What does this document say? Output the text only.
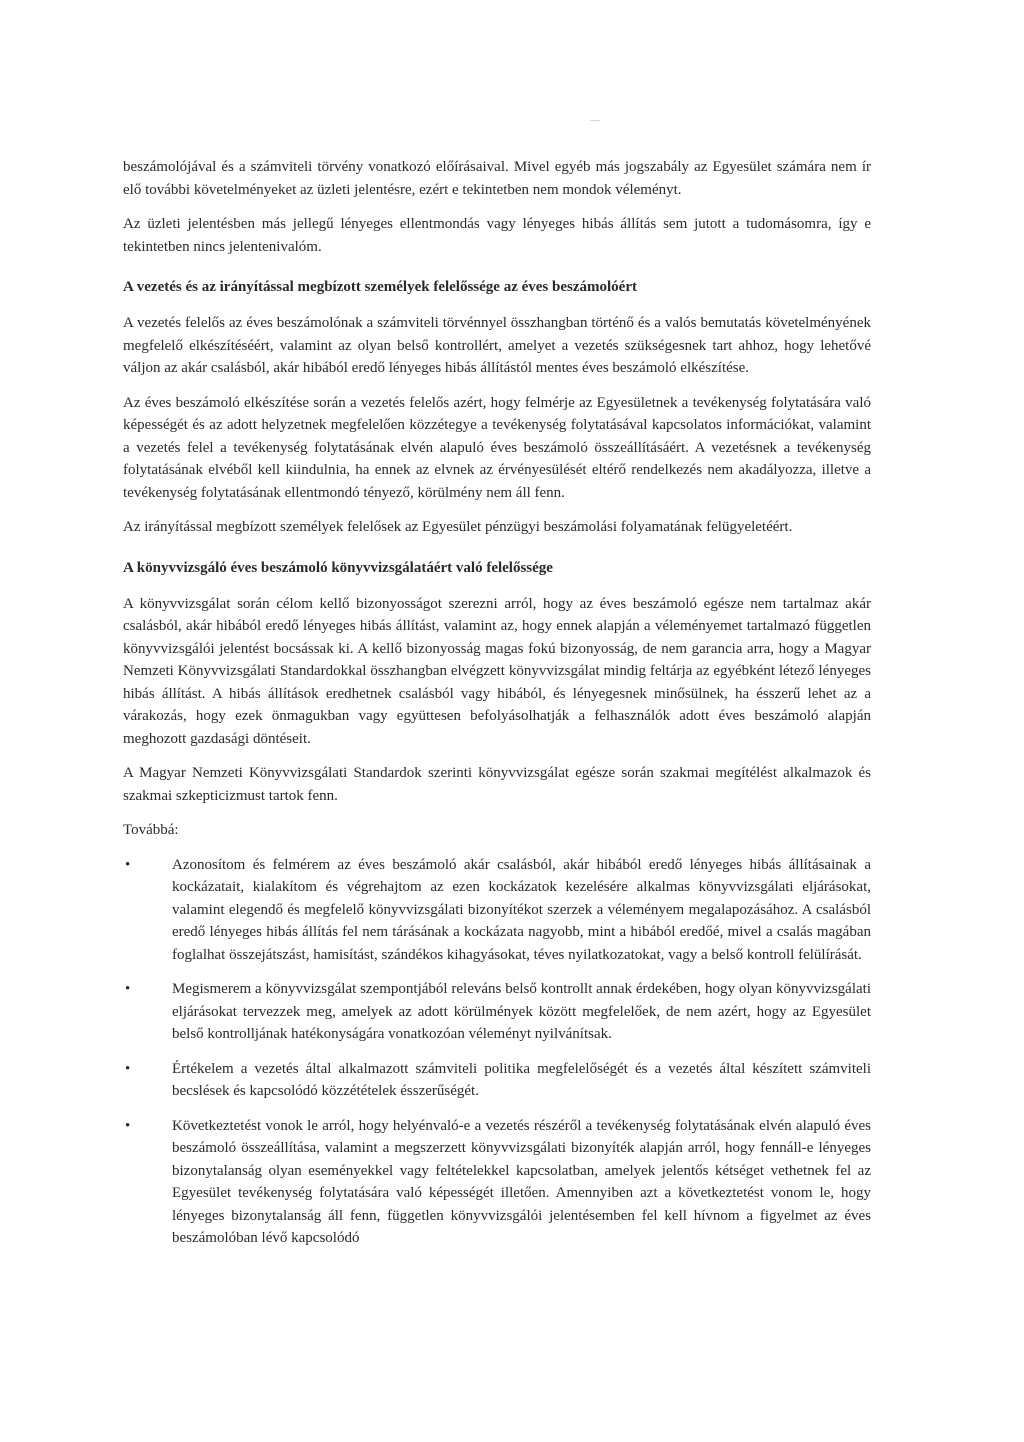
beszámolójával és a számviteli törvény vonatkozó előírásaival. Mivel egyéb más jogszabály az Egyesület számára nem ír elő további követelményeket az üzleti jelentésre, ezért e tekintetben nem mondok véleményt.

Az üzleti jelentésben más jellegű lényeges ellentmondás vagy lényeges hibás állítás sem jutott a tudomásomra, így e tekintetben nincs jelentenivalóm.

A vezetés és az irányítással megbízott személyek felelőssége az éves beszámolóért

A vezetés felelős az éves beszámolónak a számviteli törvénnyel összhangban történő és a valós bemutatás követelményének megfelelő elkészítéséért, valamint az olyan belső kontrollért, amelyet a vezetés szükségesnek tart ahhoz, hogy lehetővé váljon az akár csalásból, akár hibából eredő lényeges hibás állítástól mentes éves beszámoló elkészítése.

Az éves beszámoló elkészítése során a vezetés felelős azért, hogy felmérje az Egyesületnek a tevékenység folytatására való képességét és az adott helyzetnek megfelelően közzétegye a tevékenység folytatásával kapcsolatos információkat, valamint a vezetés felel a tevékenység folytatásának elvén alapuló éves beszámoló összeállításáért. A vezetésnek a tevékenység folytatásának elvéből kell kiindulnia, ha ennek az elvnek az érvényesülését eltérő rendelkezés nem akadályozza, illetve a tevékenység folytatásának ellentmondó tényező, körülmény nem áll fenn.

Az irányítással megbízott személyek felelősek az Egyesület pénzügyi beszámolási folyamatának felügyeletéért.

A könyvvizsgáló éves beszámoló könyvvizsgálatáért való felelőssége

A könyvvizsgálat során célom kellő bizonyosságot szerezni arról, hogy az éves beszámoló egésze nem tartalmaz akár csalásból, akár hibából eredő lényeges hibás állítást, valamint az, hogy ennek alapján a véleményemet tartalmazó független könyvvizsgálói jelentést bocsássak ki. A kellő bizonyosság magas fokú bizonyosság, de nem garancia arra, hogy a Magyar Nemzeti Könyvvizsgálati Standardokkal összhangban elvégzett könyvvizsgálat mindig feltárja az egyébként létező lényeges hibás állítást. A hibás állítások eredhetnek csalásból vagy hibából, és lényegesnek minősülnek, ha ésszerű lehet az a várakozás, hogy ezek önmagukban vagy együttesen befolyásolhatják a felhasználók adott éves beszámoló alapján meghozott gazdasági döntéseit.

A Magyar Nemzeti Könyvvizsgálati Standardok szerinti könyvvizsgálat egésze során szakmai megítélést alkalmazok és szakmai szkepticizmust tartok fenn.

Továbbá:

•	Azonosítom és felmérem az éves beszámoló akár csalásból, akár hibából eredő lényeges hibás állításainak a kockázatait, kialakítom és végrehajtom az ezen kockázatok kezelésére alkalmas könyvvizsgálati eljárásokat, valamint elegendő és megfelelő könyvvizsgálati bizonyítékot szerzek a véleményem megalapozásához. A csalásból eredő lényeges hibás állítás fel nem tárásának a kockázata nagyobb, mint a hibából eredőé, mivel a csalás magában foglalhat összejátszást, hamisítást, szándékos kihagyásokat, téves nyilatkozatokat, vagy a belső kontroll felülírását.
•	Megismerem a könyvvizsgálat szempontjából releváns belső kontrollt annak érdekében, hogy olyan könyvvizsgálati eljárásokat tervezzek meg, amelyek az adott körülmények között megfelelőek, de nem azért, hogy az Egyesület belső kontrolljának hatékonyságára vonatkozóan véleményt nyilvánítsak.
•	Értékelem a vezetés által alkalmazott számviteli politika megfelelőségét és a vezetés által készített számviteli becslések és kapcsolódó közzétételek ésszerűségét.
•	Következtetést vonok le arról, hogy helyénvaló-e a vezetés részéről a tevékenység folytatásának elvén alapuló éves beszámoló összeállítása, valamint a megszerzett könyvvizsgálati bizonyíték alapján arról, hogy fennáll-e lényeges bizonytalanság olyan eseményekkel vagy feltételekkel kapcsolatban, amelyek jelentős kétséget vethetnek fel az Egyesület tevékenység folytatására való képességét illetően. Amennyiben azt a következtetést vonom le, hogy lényeges bizonytalanság áll fenn, független könyvvizsgálói jelentésemben fel kell hívnom a figyelmet az éves beszámolóban lévő kapcsolódó
